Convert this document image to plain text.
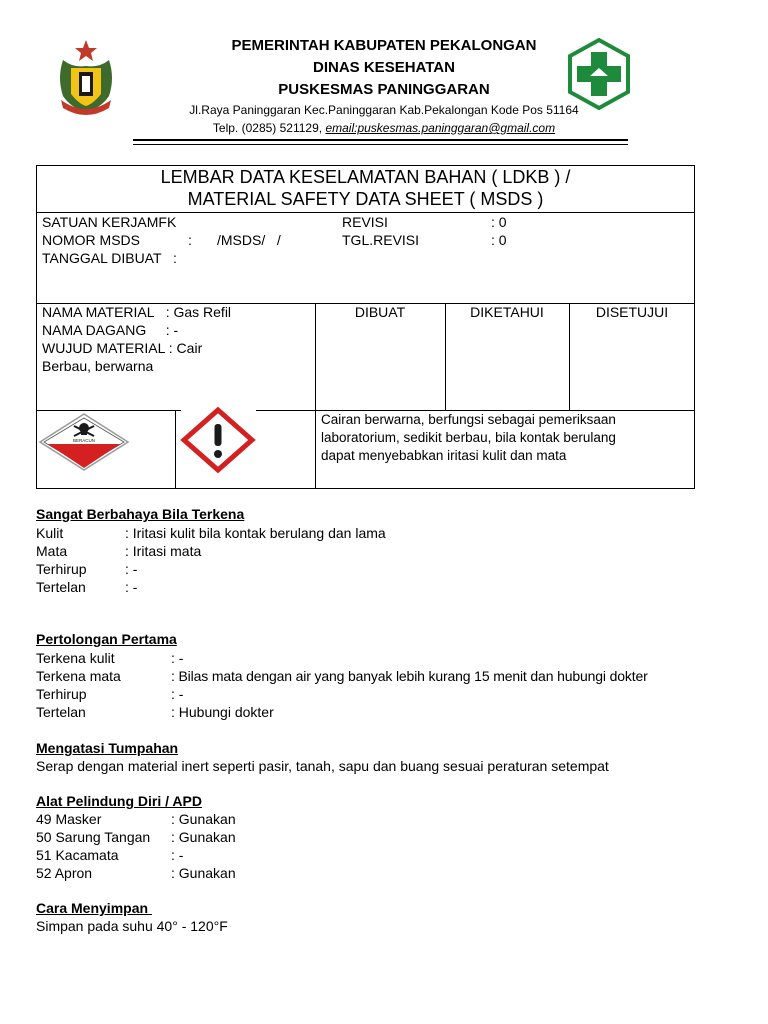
PEMERINTAH KABUPATEN PEKALONGAN
DINAS KESEHATAN
PUSKESMAS PANINGGARAN
Jl.Raya Paninggaran Kec.Paninggaran Kab.Pekalongan Kode Pos 51164
Telp. (0285) 521129, email:puskesmas.paninggaran@gmail.com
LEMBAR DATA KESELAMATAN BAHAN ( LDKB ) /
MATERIAL SAFETY DATA SHEET ( MSDS )
SATUAN KERJAMFK
NOMOR MSDS	: /MSDS/   /
TANGGAL DIBUAT   :
REVISI	: 0
TGL.REVISI	: 0
NAMA MATERIAL   : Gas Refil
NAMA DAGANG     : -
WUJUD MATERIAL : Cair
Berbau, berwarna
DIBUAT	DIKETAHUI	DISETUJUI
BERACUN
Cairan berwarna, berfungsi sebagai pemeriksaan
laboratorium, sedikit berbau, bila kontak berulang
dapat menyebabkan iritasi kulit dan mata
Sangat Berbahaya Bila Terkena
Kulit	: Iritasi kulit bila kontak berulang dan lama
Mata	: Iritasi mata
Terhirup	: -
Tertelan	: -
Pertolongan Pertama
Terkena kulit	: -
Terkena mata	: Bilas mata dengan air yang banyak lebih kurang 15 menit dan hubungi dokter
Terhirup	: -
Tertelan	: Hubungi dokter
Mengatasi Tumpahan
Serap dengan material inert seperti pasir, tanah, sapu dan buang sesuai peraturan setempat
Alat Pelindung Diri / APD
49 Masker	: Gunakan
50 Sarung Tangan : Gunakan
51 Kacamata	: -
52 Apron	: Gunakan
Cara Menyimpan
Simpan pada suhu 40° - 120°F
